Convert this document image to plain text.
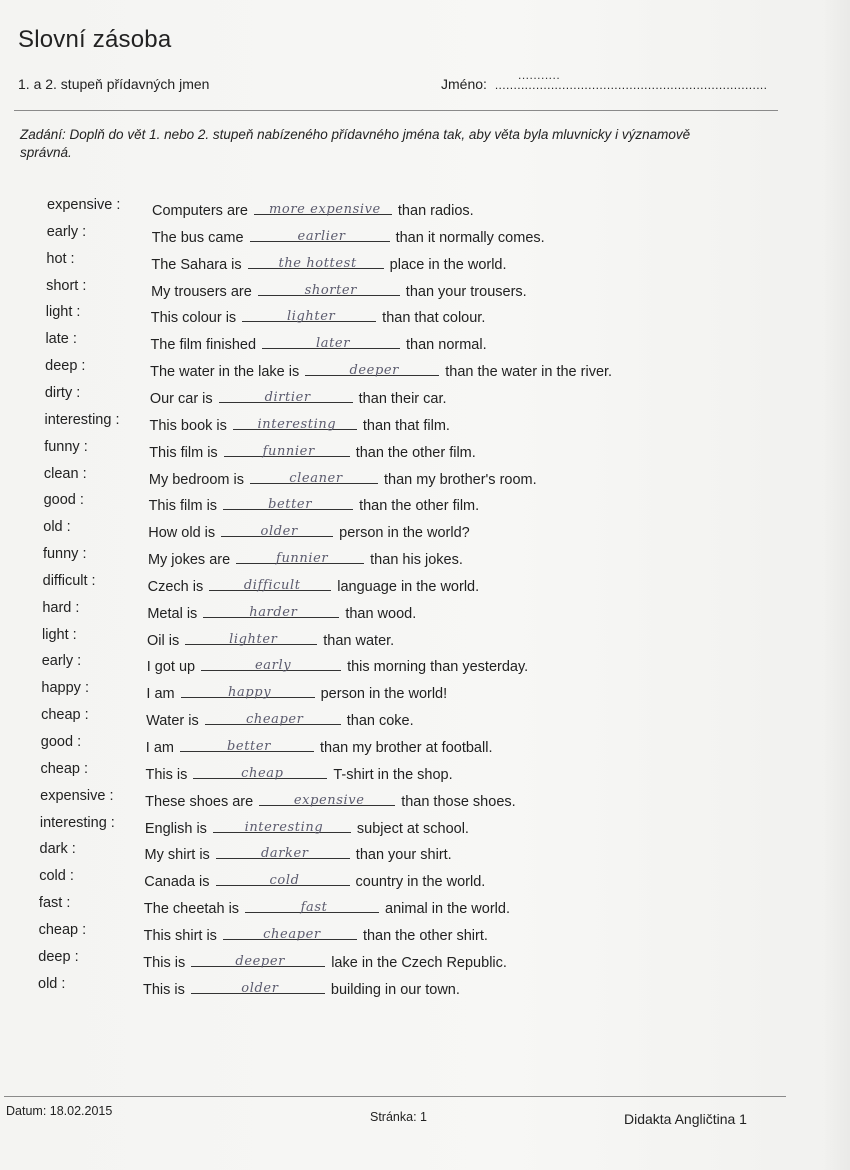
Slovní zásoba
1. a 2. stupeň přídavných jmen
...........
Jméno: .........................................................................
Zadání: Doplň do vět 1. nebo 2. stupeň nabízeného přídavného jména tak, aby věta byla mluvnicky i významově správná.
expensive : Computers are	more expensive	than radios.
early :	The bus came	earlier	than it normally comes.
hot :	The Sahara is	the hottest	place in the world.
short :	My trousers are	shorter	than your trousers.
light :	This colour is	lighter	than that colour.
late :	The film finished	later	than normal.
deep :	The water in the lake is	deeper	than the water in the river.
dirty :	Our car is	dirtier	than their car.
interesting : This book is	interesting	than that film.
funny :	This film is	funnier	than the other film.
clean :	My bedroom is	cleaner	than my brother's room.
good :	This film is	better	than the other film.
old :	How old is	older	person in the world?
funny :	My jokes are	funnier	than his jokes.
difficult :	Czech is	difficult	language in the world.
hard :	Metal is	harder	than wood.
light :	Oil is	lighter	than water.
early :	I got up	early	this morning than yesterday.
happy :	I am	happy	person in the world!
cheap :	Water is	cheaper	than coke.
good :	I am	better	than my brother at football.
cheap :	This is	cheap	T-shirt in the shop.
expensive : These shoes are	expensive	than those shoes.
interesting : English is	interesting	subject at school.
dark :	My shirt is	darker	than your shirt.
cold :	Canada is	cold	country in the world.
fast :	The cheetah is	fast	animal in the world.
cheap :	This shirt is	cheaper	than the other shirt.
deep :	This is	deeper	lake in the Czech Republic.
old :	This is	older	building in our town.
Datum: 18.02.2015	Stránka: 1	Didakta Angličtina 1
